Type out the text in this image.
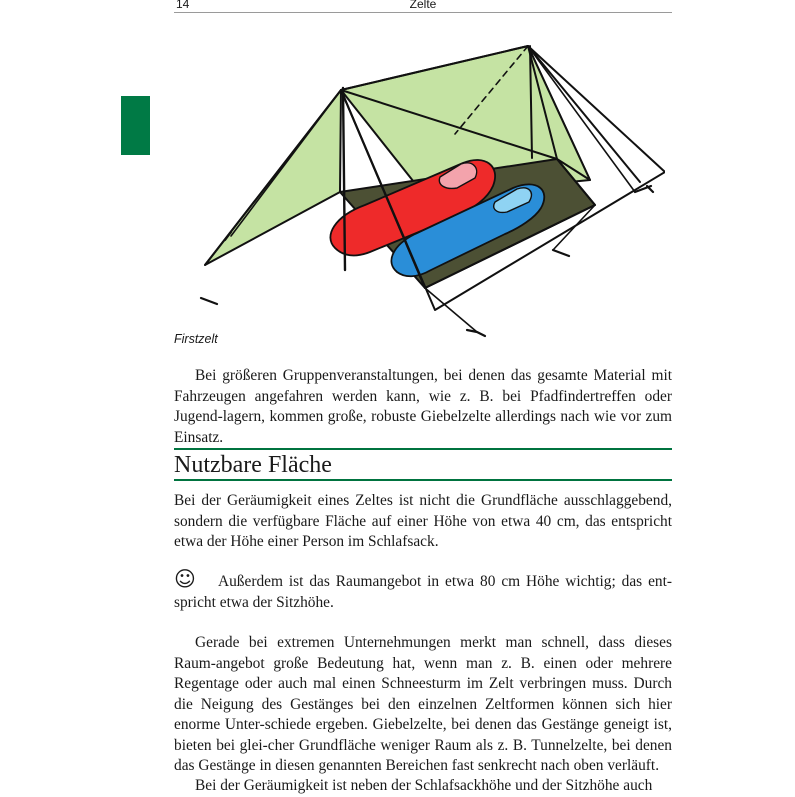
14	Zelte
Firstzelt

Bei größeren Gruppenveranstaltungen, bei denen das gesamte Material mit Fahrzeugen angefahren werden kann, wie z. B. bei Pfadfindertreffen oder Jugend-lagern, kommen große, robuste Giebelzelte allerdings nach wie vor zum Einsatz.

Nutzbare Fläche

Bei der Geräumigkeit eines Zeltes ist nicht die Grundfläche ausschlaggebend, sondern die verfügbare Fläche auf einer Höhe von etwa 40 cm, das entspricht etwa der Höhe einer Person im Schlafsack.

☺	Außerdem ist das Raumangebot in etwa 80 cm Höhe wichtig; das ent-spricht etwa der Sitzhöhe.

Gerade bei extremen Unternehmungen merkt man schnell, dass dieses Raum-angebot große Bedeutung hat, wenn man z. B. einen oder mehrere Regentage oder auch mal einen Schneesturm im Zelt verbringen muss. Durch die Neigung des Gestänges bei den einzelnen Zeltformen können sich hier enorme Unter-schiede ergeben. Giebelzelte, bei denen das Gestänge geneigt ist, bieten bei glei-cher Grundfläche weniger Raum als z. B. Tunnelzelte, bei denen das Gestänge in diesen genannten Bereichen fast senkrecht nach oben verläuft.

Bei der Geräumigkeit ist neben der Schlafsackhöhe und der Sitzhöhe auch
